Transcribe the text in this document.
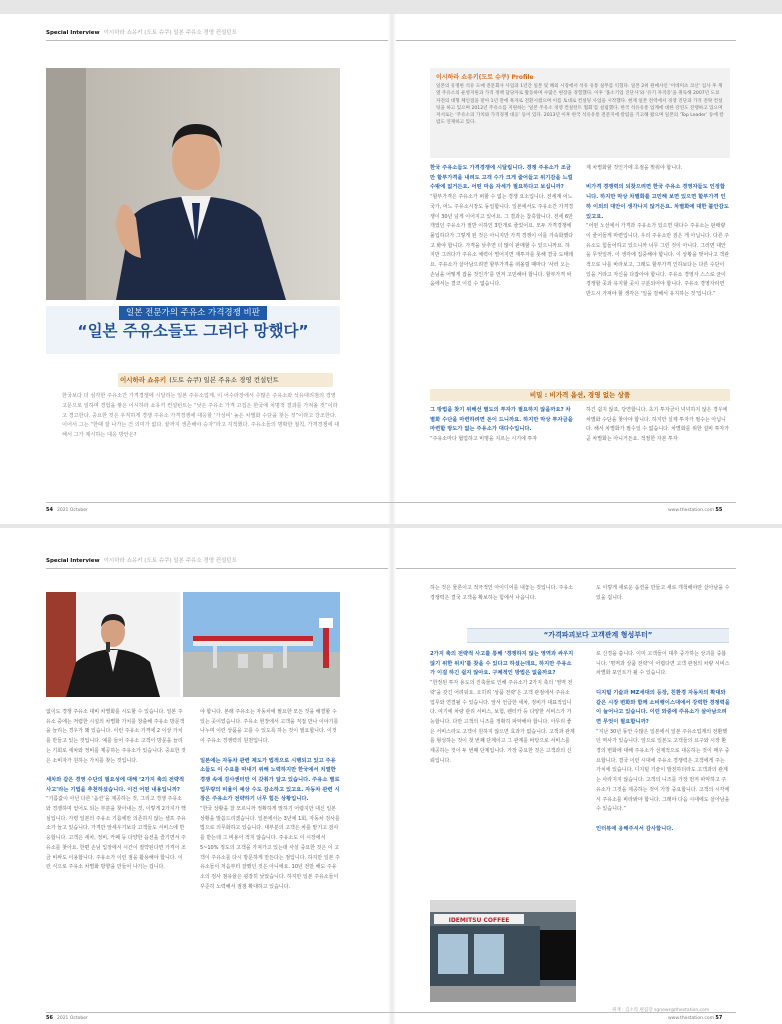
Special Interview 이시하라 쇼유키 (도토 슈쿠) 일본 주유소 경영 컨설턴트
일본 전문가의 주유소 가격경쟁 비판
“일본 주유소들도 그러다 망했다”
이시하라 쇼유키 (도토 슈쿠) 일본 주유소 경영 컨설턴트
한국보다 더 심각한 주유소간 가격경쟁에 시달리는 일본 주유소업계. 이 어수라장에서 수많은 주유소와 석유대리점의 경영 고문으로 일하며 경험을 쌓은 이시하라 쇼유키 컨설턴트는 “낮은 주유소 가격 고집은 한국에 치명적 결과를 가져올 것”이라고 경고한다. 중요한 것은 우직하게 경쟁 주유소 가격경쟁에 대응할 ‘가성비’ 높은 차별화 수단을 찾는 것”이라고 강조한다. 이어서 그는 “한때 잘 나가는 건 의미가 없다. 끝까지 생존해야 승자”라고 지적했다. 주유소들의 명확한 철칙, 가격경쟁에 대해서 그가 제시하는 대응 방안은?
이시하라 쇼유키(도토 슈쿠) Profile
일본의 유명한 석유 도매 전문회사 사업과 1년간 일본 및 해외 시장에서 석유 유통 실무를 익혔다. 일본 2위 원매사인 ‘이데미츠 코산’ 입사 후 계열 주유소의 운영지원과 가격 정책 담당자로 활동하며 수많은 현장을 경험했다. 이후 ‘홈소기업 진단사’와 ‘유기 자격증’을 취득해 2007년 도쿄 자전의 대형 체인점을 맡아 1년 만에 흑자로 전환시켰으며 이를 토대로 컨설팅 사업을 시작했다. 현재 일본 전역에서 경영 진단과 가격 전략 컨설팅을 하고 있으며 2012년 주유소를 지원하는 ‘일본 주유소 경영 컨설턴트 협회’를 설립했다. 한국 석유유통 업계에 대한 강연도 진행하고 있으며 저서로는 ‘주유소의 가치와 가격경쟁 대응’ 등이 있다. 2013년 이후 한국 석유유통 전문지에 칼럼을 기고해 왔으며 일본의 ‘Top Leader’ 등에 칼럼도 연재하고 있다.
한국 주유소들도 가격경쟁에 시달립니다. 경쟁 주유소가 조금만 할부가격을 내려도 고객 수가 크게 줄어들고 위기감을 느낄 수밖에 없거든요. 어떤 마음 자세가 필요하다고 보십니까?
“할부가격은 주유소가 퍼할 수 없는 경쟁 요소입니다. 전세계 어느 국가, 어느 주유소시장도 동일합니다. 일본에서도 주유소간 가격경쟁이 30년 넘게 이어지고 있어요. 그 결과는 참혹합니다. 전세 6만개였던 주유소가 절반 이하인 3만개로 줄었어요. 모두 가격경쟁에 몰입하다가 그렇게 된 것은 아니지만 가격 경쟁이 이를 가속화했다고 봐야 합니다. 가격을 낮추면 더 많이 판매할 수 있으니까요. 하지만 그러다가 주유소 체력이 떨어지면 재투자를 못해 결국 도태돼요. 주유소가 살아남으려면 할부가격을 떠올릴 때마다 ‘사러 오는 손님을 어떻게 잡을 것인가’를 먼저 고민해야 합니다. 할부가격 싸움에서는 결코 이길 수 없습니다.
계 차별화할 것인가에 초점을 맞춰야 합니다.

비가격 경쟁력의 되찾으려면 한국 주유소 경영자들도 인정합니다. 하지만 막상 차별화를 고민해 보면 있으면 할부가격 인하 이외의 대안이 생각나지 않거든요. 차별화에 대한 불안감도 있고요.
“어떤 노선에서 가격과 주유소가 있으면 대다수 주유소는 판매량이 줄어들게 마련입니다. 우리 주유소만 짐은 게 아닙니다. 다른 주유소도 힘들어하고 있으니까 너무 그런 것이 아니다. 그러면 대안을 무엇일까. 이 생각에 집중해야 합니다. 이 상황을 벗어나고 객관적으로 나를 바라보고, 그래도 할부가격 인하보다는 다른 수단이 있을 거라고 자신을 다잡아야 합니다. 주유소 경영자 스스로 균이 경쟁할 곳과 유지할 곳이 구분되어야 합니다. 주유소 경영자라면 반드시 가져야 할 생각은 ‘일을 잘해서 유지하는 것’입니다.”
비밀 : 비가격 옵션, 경영 없는 상품
그 방법을 찾기 위해선 별도의 투자가 필요하지 않을까요? 차별화 수단을 마련하려면 돈이 드니까요. 하지만 막상 투자금을 마련할 방도가 없는 주유소가 대다수입니다.
“주유소마다 협업하고 비명을 지르는 시기에 투자
하긴 쉽지 않죠, 당연합니다. 초기 투자금이 넉넉하지 않은 경우에 차별화 수단을 찾아야 합니다. 하지만 실제 투자가 필수는 아닙니다. 해서 차별화가 필수일 수 없습니다. 차별화를 위한 설비 투자가 곧 차별화는 아니거든요. 적절한 자본 투자
54 2021 October	www.thestation.com 55
Special Interview 이시하라 쇼유키 (도토 슈쿠) 일본 주유소 경영 컨설턴트
없이도 경쟁 주유소 대비 차별화를 시도할 수 있습니다. 일본 주유소 중에는 저렴한 시설의 차별화 가치를 창출해 주유소 방문객을 늘리는 경우가 꽤 있습니다. 이런 주유소 가격에 2 이상 가치를 만들고 있는 것입니다. 예를 들어 주유소 고객이 방문을 늘리는 기회로 세차와 정비를 제공하는 주유소가 있습니다. 중요한 것은 소비자가 원하는 가치를 찾는 것입니다.

세차와 같은 경영 수단의 필요성에 대해 ‘2가지 축의 전략적 사고’라는 기법을 추천하셨습니다. 이건 어떤 내용입니까?
“기름값이 아닌 다른 ‘옵션’을 제공하는 것, 그리고 경쟁 주유소와 경쟁하며 얻어도 되는 부분을 찾아내는 것, 이렇게 2가지가 핵심입니다. 가령 일본의 주유소 기름에만 의존하지 않는 셀프 주유소가 늘고 있습니다. 가격만 앞세우기보다 고객들도 서비스에 반응합니다. 고객은 세차, 정비, 카페 등 다양한 옵션을 즐기면서 주유소를 찾아요. 한편 손님 입장에서 시간이 절약된다면 가격이 조금 비싸도 이용합니다. 주유소가 이런 점을 활용해야 합니다. 이런 식으로 주유소 차별화 방향을 만들어 나가는 겁니다.
야 합니다. 본래 주유소는 자동차에 필요한 모든 것을 해결할 수 있는 곳이었습니다. 주유소 현장에서 고객을 직접 만나 이야기를 나누며 이런 상품을 고를 수 있도록 하는 것이 필요합니다. 이것이 주유소 경쟁력의 원천입니다.

일본에는 자동차 관련 제도가 법적으로 시행되고 있고 주유소들도 이 수요를 따내기 위해 노력하지만 한국에서 치열한 경쟁 속에 검사센터만 이 갖춰가 알고 있습니다. 주유소 별로 업무량의 비율이 예상 수도 감소하고 있고요. 자동차 관련 시장은 주유소가 전략하기 너무 힘든 상황입니다.
“한국 상황을 잘 모르니까 정확하게 말하기 어렵지만 대신 일본 상황을 말씀드리겠습니다. 일본에서는 3년에 1회, 자동차 검사를 법으로 의무화하고 있습니다. 대부분의 고객은 차를 맡기고 검사를 받는데 그 비용이 적지 않습니다. 주유소도 이 시장에서 5~10% 정도의 고객을 가져가고 있는데 사실 중요한 것은 이 고객이 주유소를 다시 방문하게 만든다는 점입니다. 하지만 일본 주유소들이 처음부터 잘했던 것은 아니에요. 10년 전만 해도 주유소의 검사 점유율은 굉장히 낮았습니다. 하지만 일본 주유소들이 꾸준히 노력해서 점점 확대하고 있습니다.
하는 것은 물론이고 적극적인 아이디어를 내놓는 것입니다. 주유소 경쟁력은 결국 고객을 확보하는 힘에서 나옵니다.
도 이렇게 새로운 옵션을 만들고 새로 개척해야만 살아남을 수 있을 겁니다.
“가격파괴보다 고객관계 형성부터”
2가지 축의 전략적 사고를 통해 ‘경쟁하지 않는 영역과 싸우지 않기 위한 위치’를 찾을 수 있다고 하셨는데요, 하지만 주유소가 이걸 하긴 쉽지 않아요. 구체적인 방법은 없을까요?
“한정된 투자 용도의 진축물로 인해 주유소가 2가지 축의 ‘영역 전략’을 갖긴 어려워요. 오히려 ‘상품 전략’은 고객 관점에서 주유소 업무와 연결될 수 있습니다. 앞서 언급한 세차, 정비가 대표적입니다. 여기에 차량 관리 서비스, 보험, 렌터카 등 다양한 서비스가 가능합니다. 다만 고객의 니즈를 정확히 파악해야 합니다. 아무리 좋은 서비스라도 고객이 원하지 않으면 효과가 없습니다. 고객과 관계를 형성하는 것이 첫 번째 단계이고 그 관계를 바탕으로 서비스를 제공하는 것이 두 번째 단계입니다. 가장 중요한 것은 고객과의 신뢰입니다.
로 신경을 씁니다. 이미 고객들이 대추 중가하는 상괴를 중봅니다. ‘명역과 상품 전략’이 어렵다면 고객 관점의 차량 서비스 차별화 포인트가 될 수 있습니다.

디지털 기술과 MZ세대의 등장, 친환경 자동차의 확대와 같은 시장 변화와 함께 소비행이스대에서 강력한 경쟁력을이 늘어나고 있습니다. 이런 와중에 주유소가 살아남으려면 무엇이 필요합니까?
“지난 30년 동안 수많은 일본에서 일본 주유소업계의 전환했던 역사가 있습니다. 앞으로 일본도 고객들의 요구와 시장 환경의 변화에 대해 주유소가 선제적으로 대응하는 것이 매우 중요합니다. 결국 이런 시대에 주유소 경쟁력은 고객에게 주는 가치에 있습니다. 디지털 기술이 발전하더라도 고객과의 관계는 사라지지 않습니다. 고객의 니즈를 가장 먼저 파악하고 주유소가 그것을 제공하는 것이 가장 중요합니다. 고객의 시각에서 주유소를 바라봐야 합니다. 그래야 다음 시대에도 살아남을 수 있습니다.”

인터뷰에 응해주셔서 감사합니다.
IDEMITSU COFFEE
취재 : 김소라 편집장 sqnews@thestation.com
56 2021 October	www.thestation.com 57
